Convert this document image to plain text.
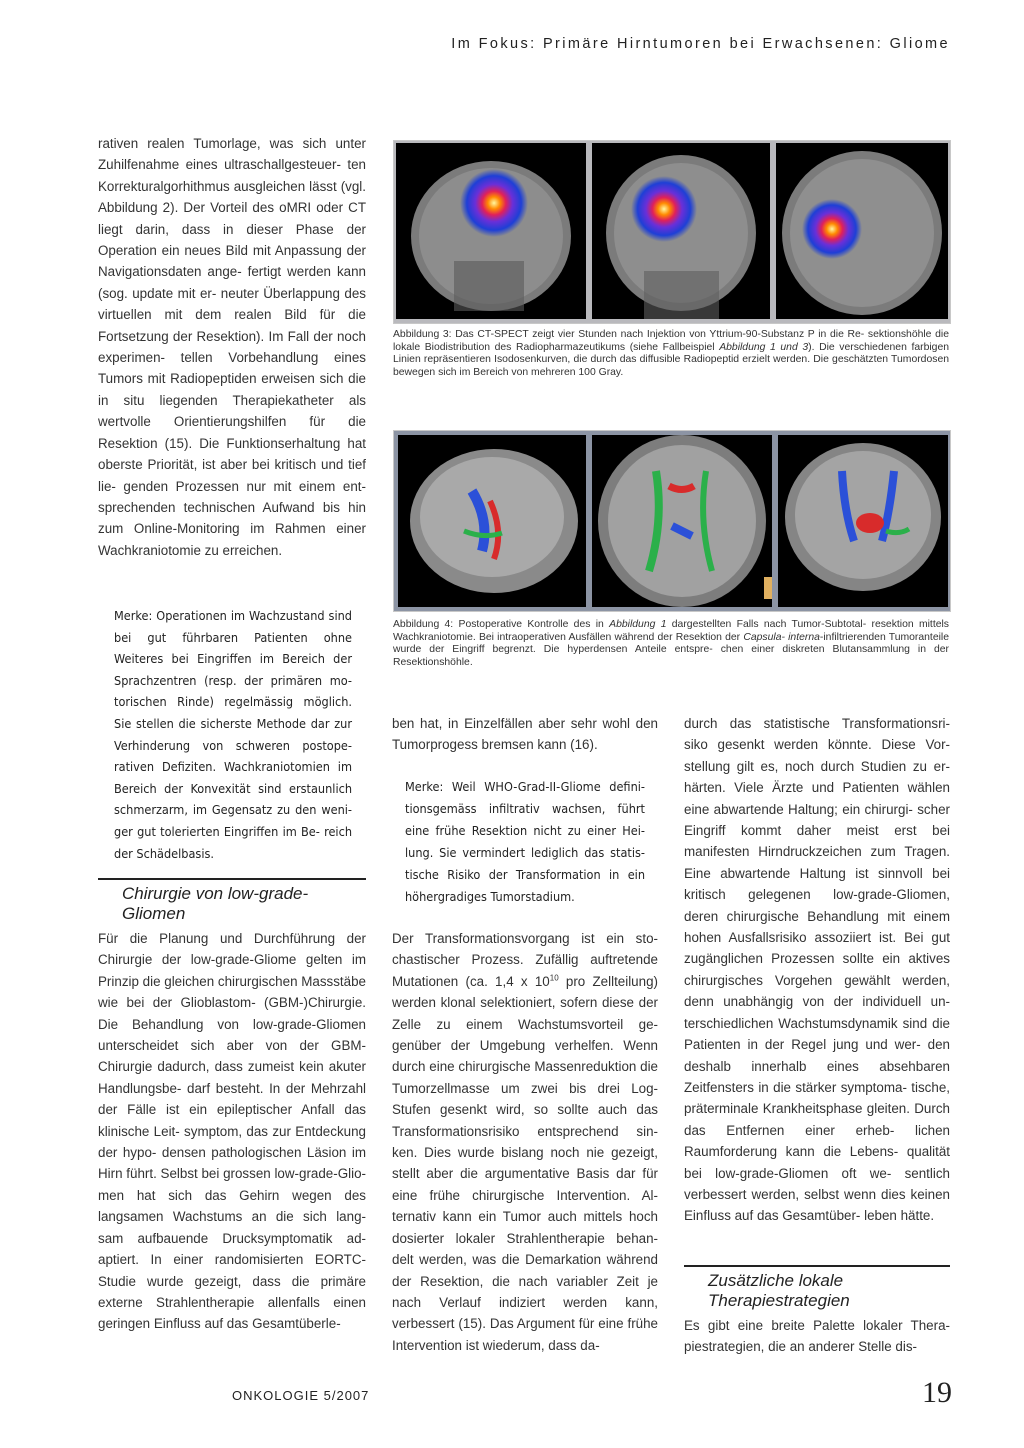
Im Fokus: Primäre Hirntumoren bei Erwachsenen: Gliome

rativen realen Tumorlage, was sich unter Zuhilfenahme eines ultraschallgesteuer- ten Korrekturalgorhithmus ausgleichen lässt (vgl. Abbildung 2). Der Vorteil des oMRI oder CT liegt darin, dass in dieser Phase der Operation ein neues Bild mit Anpassung der Navigationsdaten ange- fertigt werden kann (sog. update mit er- neuter Überlappung des virtuellen mit dem realen Bild für die Fortsetzung der Resektion). Im Fall der noch experimen- tellen Vorbehandlung eines Tumors mit Radiopeptiden erweisen sich die in situ liegenden Therapiekatheter als wertvolle Orientierungshilfen für die Resektion (15). Die Funktionserhaltung hat oberste Priorität, ist aber bei kritisch und tief lie- genden Prozessen nur mit einem ent- sprechenden technischen Aufwand bis hin zum Online-Monitoring im Rahmen einer Wachkraniotomie zu erreichen.

Merke: Operationen im Wachzustand sind bei gut führbaren Patienten ohne Weiteres bei Eingriffen im Bereich der Sprachzentren (resp. der primären mo- torischen Rinde) regelmässig möglich. Sie stellen die sicherste Methode dar zur Verhinderung von schweren postope- rativen Defiziten. Wachkraniotomien im Bereich der Konvexität sind erstaunlich schmerzarm, im Gegensatz zu den weni- ger gut tolerierten Eingriffen im Be- reich der Schädelbasis.
Chirurgie von low-grade-
Gliomen

Für die Planung und Durchführung der Chirurgie der low-grade-Gliome gelten im Prinzip die gleichen chirurgischen Massstäbe wie bei der Glioblastom- (GBM-)Chirurgie. Die Behandlung von low-grade-Gliomen unterscheidet sich aber von der GBM-Chirurgie dadurch, dass zumeist kein akuter Handlungsbe- darf besteht. In der Mehrzahl der Fälle ist ein epileptischer Anfall das klinische Leit- symptom, das zur Entdeckung der hypo- densen pathologischen Läsion im Hirn führt. Selbst bei grossen low-grade-Glio- men hat sich das Gehirn wegen des langsamen Wachstums an die sich lang- sam aufbauende Drucksymptomatik ad- aptiert. In einer randomisierten EORTC- Studie wurde gezeigt, dass die primäre externe Strahlentherapie allenfalls einen geringen Einfluss auf das Gesamtüberle-

Abbildung 3: Das CT-SPECT zeigt vier Stunden nach Injektion von Yttrium-90-Substanz P in die Re- sektionshöhle die lokale Biodistribution des Radiopharmazeutikums (siehe Fallbeispiel Abbildung 1 und 3). Die verschiedenen farbigen Linien repräsentieren Isodosenkurven, die durch das diffusible Radiopeptid erzielt werden. Die geschätzten Tumordosen bewegen sich im Bereich von mehreren 100 Gray.
Abbildung 4: Postoperative Kontrolle des in Abbildung 1 dargestellten Falls nach Tumor-Subtotal- resektion mittels Wachkraniotomie. Bei intraoperativen Ausfällen während der Resektion der Capsula- interna-infiltrierenden Tumoranteile wurde der Eingriff begrenzt. Die hyperdensen Anteile entspre- chen einer diskreten Blutansammlung in der Resektionshöhle.

ben hat, in Einzelfällen aber sehr wohl den Tumorprogess bremsen kann (16).

Merke: Weil WHO-Grad-II-Gliome defini- tionsgemäss infiltrativ wachsen, führt eine frühe Resektion nicht zu einer Hei- lung. Sie vermindert lediglich das statis- tische Risiko der Transformation in ein höhergradiges Tumorstadium.

Der Transformationsvorgang ist ein sto- chastischer Prozess. Zufällig auftretende Mutationen (ca. 1,4 x $10^{10}$ pro Zellteilung) werden klonal selektioniert, sofern diese der Zelle zu einem Wachstumsvorteil ge- genüber der Umgebung verhelfen. Wenn durch eine chirurgische Massenreduktion die Tumorzellmasse um zwei bis drei Log- Stufen gesenkt wird, so sollte auch das Transformationsrisiko entsprechend sin- ken. Dies wurde bislang noch nie gezeigt, stellt aber die argumentative Basis dar für eine frühe chirurgische Intervention. Al- ternativ kann ein Tumor auch mittels hoch dosierter lokaler Strahlentherapie behan- delt werden, was die Demarkation während der Resektion, die nach variabler Zeit je nach Verlauf indiziert werden kann, verbessert (15). Das Argument für eine frühe Intervention ist wiederum, dass da-

durch das statistische Transformationsri- siko gesenkt werden könnte. Diese Vor- stellung gilt es, noch durch Studien zu er- härten. Viele Ärzte und Patienten wählen eine abwartende Haltung; ein chirurgi- scher Eingriff kommt daher meist erst bei manifesten Hirndruckzeichen zum Tragen. Eine abwartende Haltung ist sinnvoll bei kritisch gelegenen low-grade-Gliomen, deren chirurgische Behandlung mit einem hohen Ausfallsrisiko assoziiert ist. Bei gut zugänglichen Prozessen sollte ein aktives chirurgisches Vorgehen gewählt werden, denn unabhängig von der individuell un- terschiedlichen Wachstumsdynamik sind die Patienten in der Regel jung und wer- den deshalb innerhalb eines absehbaren Zeitfensters in die stärker symptoma- tische, präterminale Krankheitsphase gleiten. Durch das Entfernen einer erheb- lichen Raumforderung kann die Lebens- qualität bei low-grade-Gliomen oft we- sentlich verbessert werden, selbst wenn dies keinen Einfluss auf das Gesamtüber- leben hätte.

Zusätzliche lokale
Therapiestrategien

Es gibt eine breite Palette lokaler Thera- piestrategien, die an anderer Stelle dis-

ONKOLOGIE 5/2007	19
